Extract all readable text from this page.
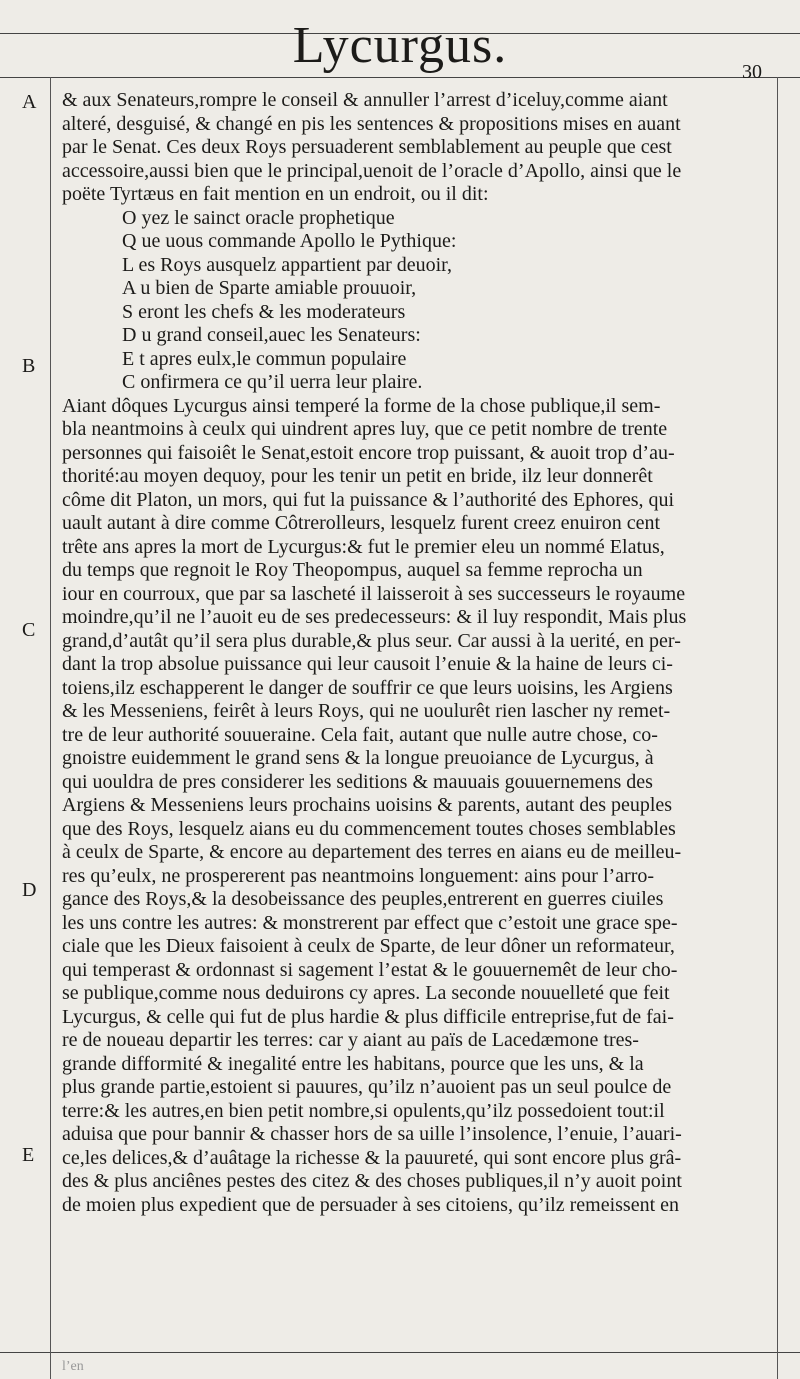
Lycurgus.	30
A
B
C
D
E
& aux Senateurs,rompre le conseil & annuller l’arrest d’iceluy,comme aiant
alteré, desguisé, & changé en pis les sentences & propositions mises en auant
par le Senat. Ces deux Roys persuaderent semblablement au peuple que cest
accessoire,aussi bien que le principal,uenoit de l’oracle d’Apollo, ainsi que le
poëte Tyrtæus en fait mention en un endroit, ou il dit:
O yez le sainct oracle prophetique
Q ue uous commande Apollo le Pythique:
L es Roys ausquelz appartient par deuoir,
A u bien de Sparte amiable prouuoir,
S eront les chefs & les moderateurs
D u grand conseil,auec les Senateurs:
E t apres eulx,le commun populaire
C onfirmera ce qu’il uerra leur plaire.
Aiant dôques Lycurgus ainsi temperé la forme de la chose publique,il sem-
bla neantmoins à ceulx qui uindrent apres luy, que ce petit nombre de trente
personnes qui faisoiêt le Senat,estoit encore trop puissant, & auoit trop d’au-
thorité:au moyen dequoy, pour les tenir un petit en bride, ilz leur donnerêt
côme dit Platon, un mors, qui fut la puissance & l’authorité des Ephores, qui
uault autant à dire comme Côtrerolleurs, lesquelz furent creez enuiron cent
trête ans apres la mort de Lycurgus:& fut le premier eleu un nommé Elatus,
du temps que regnoit le Roy Theopompus, auquel sa femme reprocha un
iour en courroux, que par sa lascheté il laisseroit à ses successeurs le royaume
moindre,qu’il ne l’auoit eu de ses predecesseurs: & il luy respondit, Mais plus
grand,d’autât qu’il sera plus durable,& plus seur. Car aussi à la uerité, en per-
dant la trop absolue puissance qui leur causoit l’enuie & la haine de leurs ci-
toiens,ilz eschapperent le danger de souffrir ce que leurs uoisins, les Argiens
& les Messeniens, feirêt à leurs Roys, qui ne uoulurêt rien lascher ny remet-
tre de leur authorité souueraine. Cela fait, autant que nulle autre chose, co-
gnoistre euidemment le grand sens & la longue preuoiance de Lycurgus, à
qui uouldra de pres considerer les seditions & mauuais gouuernemens des
Argiens & Messeniens leurs prochains uoisins & parents, autant des peuples
que des Roys, lesquelz aians eu du commencement toutes choses semblables
à ceulx de Sparte, & encore au departement des terres en aians eu de meilleu-
res qu’eulx, ne prospererent pas neantmoins longuement: ains pour l’arro-
gance des Roys,& la desobeissance des peuples,entrerent en guerres ciuiles
les uns contre les autres: & monstrerent par effect que c’estoit une grace spe-
ciale que les Dieux faisoient à ceulx de Sparte, de leur dôner un reformateur,
qui temperast & ordonnast si sagement l’estat & le gouuernemêt de leur cho-
se publique,comme nous deduirons cy apres. La seconde nouuelleté que feit
Lycurgus, & celle qui fut de plus hardie & plus difficile entreprise,fut de fai-
re de noueau departir les terres: car y aiant au païs de Lacedæmone tres-
grande difformité & inegalité entre les habitans, pource que les uns, & la
plus grande partie,estoient si pauures, qu’ilz n’auoient pas un seul poulce de
terre:& les autres,en bien petit nombre,si opulents,qu’ilz possedoient tout:il
aduisa que pour bannir & chasser hors de sa uille l’insolence, l’enuie, l’auari-
ce,les delices,& d’auâtage la richesse & la pauureté, qui sont encore plus grâ-
des & plus anciênes pestes des citez & des choses publiques,il n’y auoit point
de moien plus expedient que de persuader à ses citoiens, qu’ilz remeissent en
l’en
